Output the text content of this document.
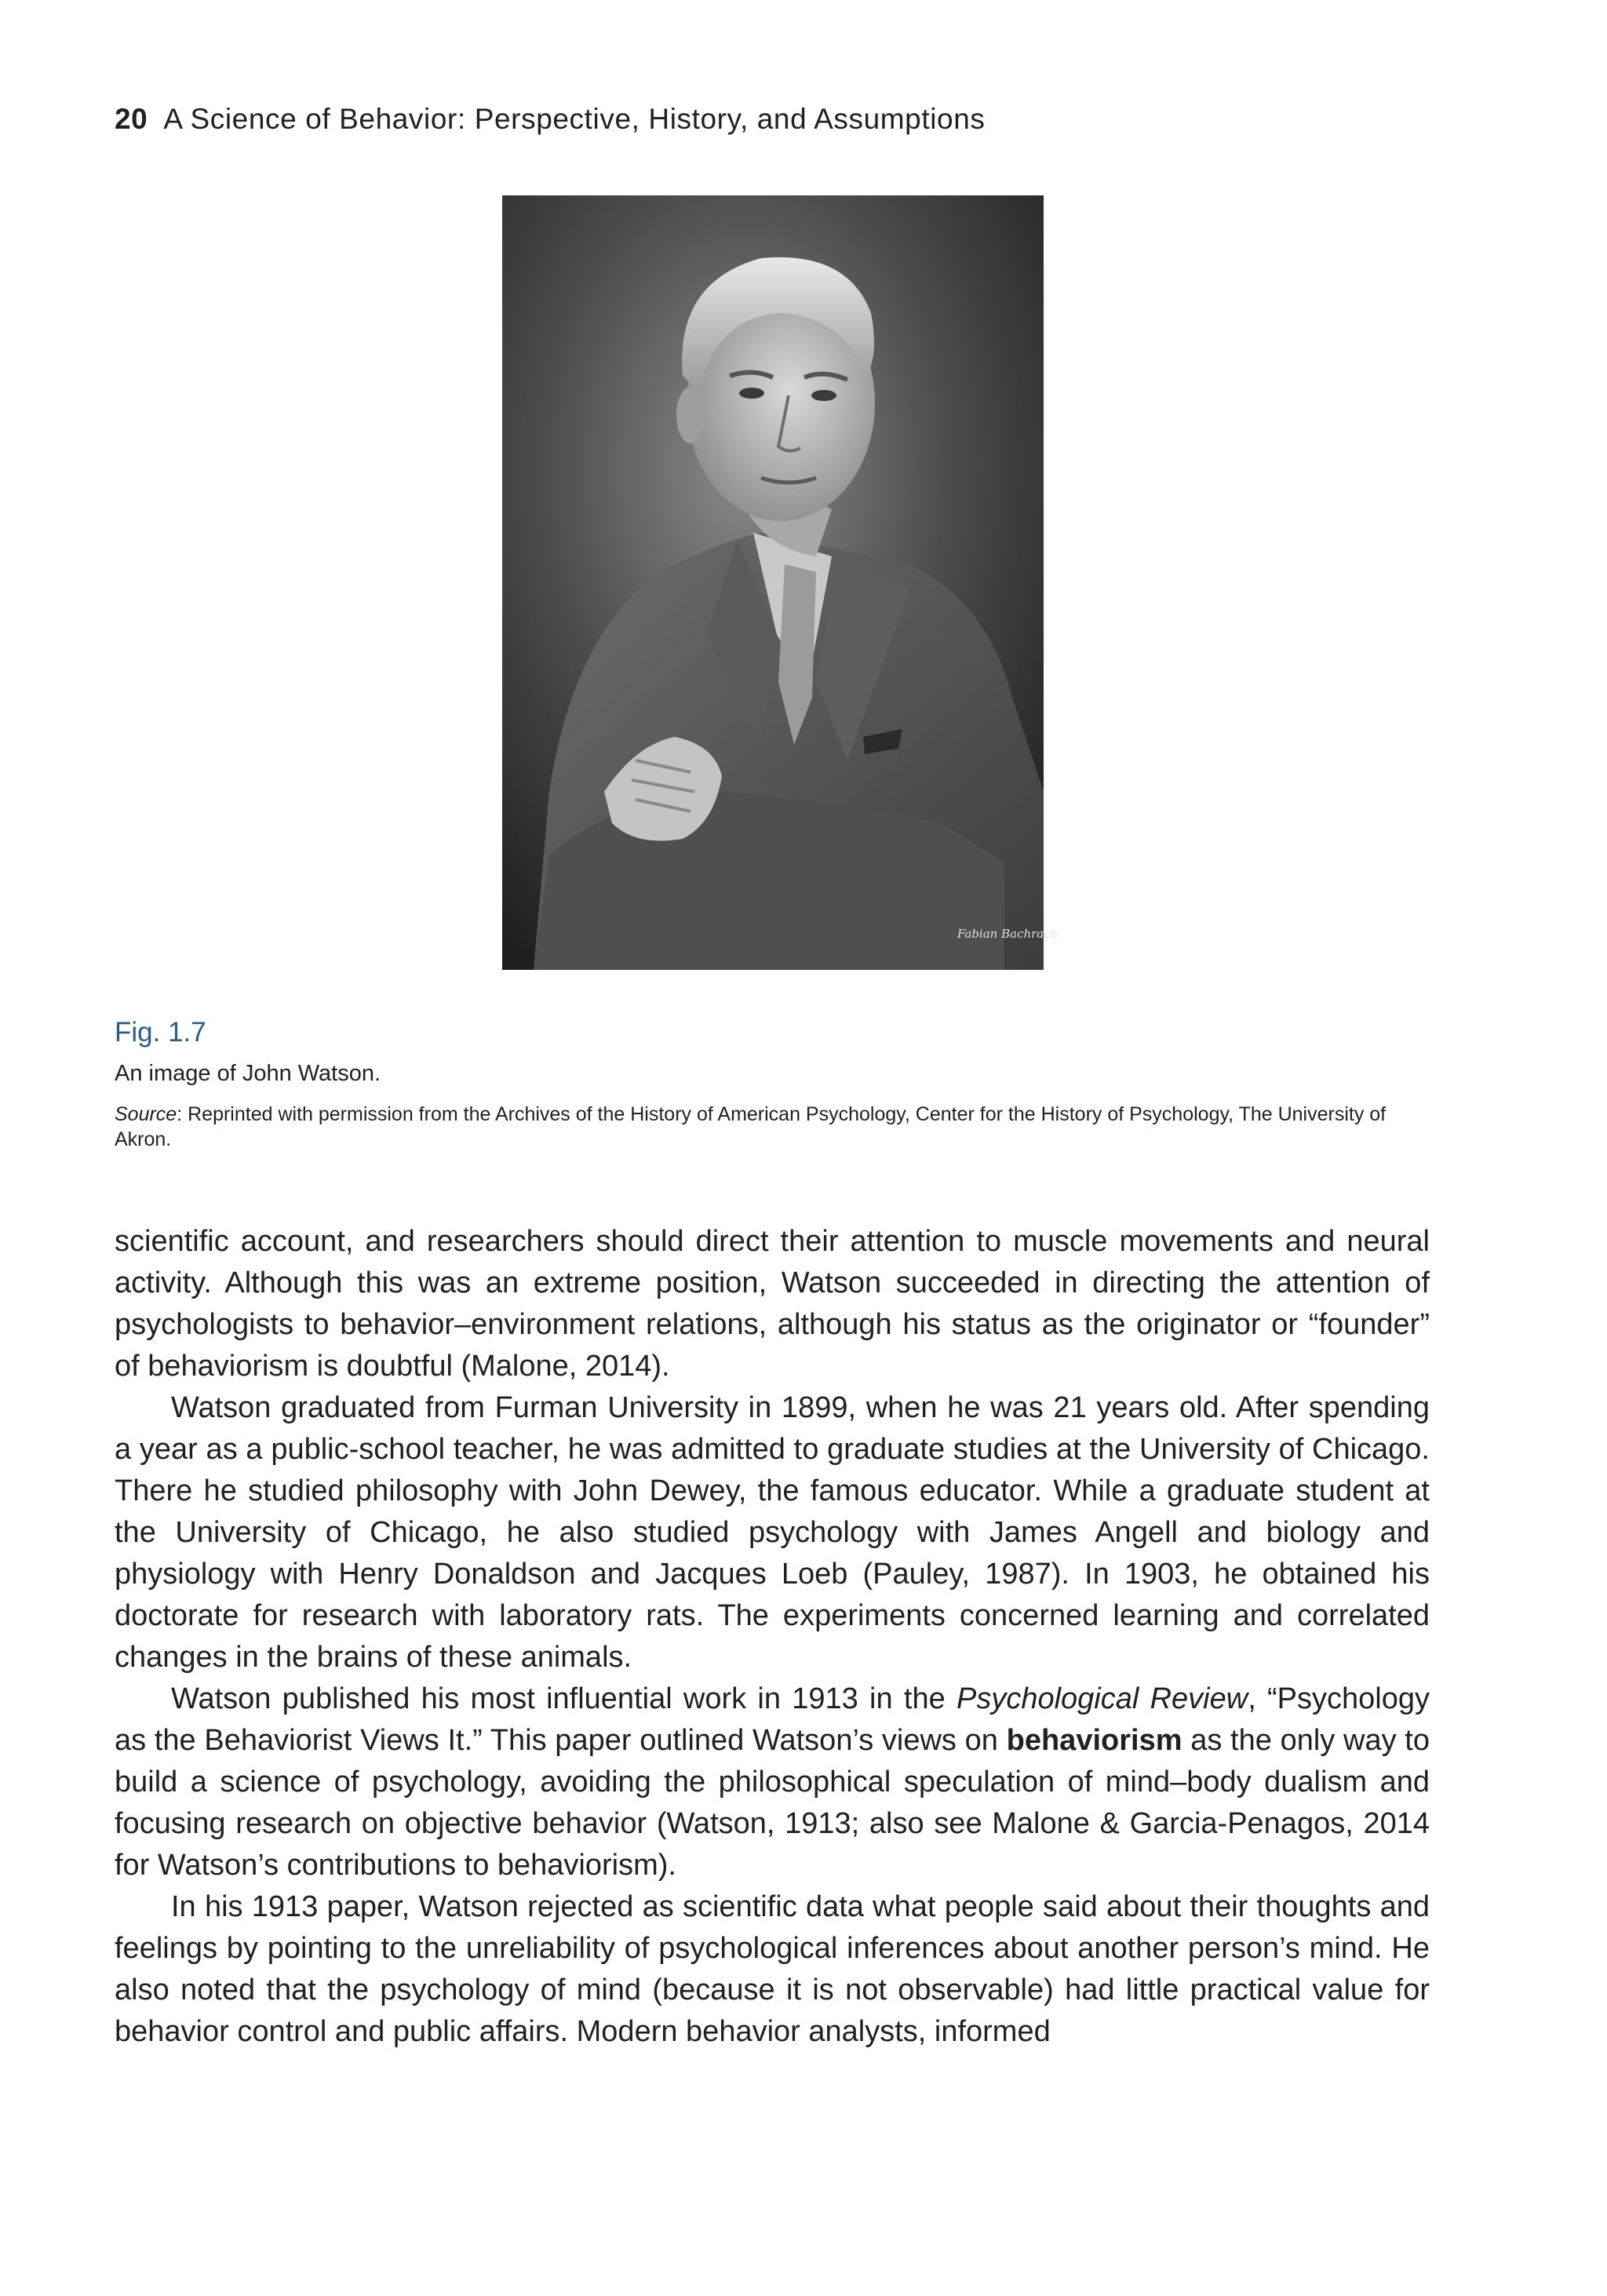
20 A Science of Behavior: Perspective, History, and Assumptions
Fabian Bachrach
Fig. 1.7
An image of John Watson.
Source: Reprinted with permission from the Archives of the History of American Psychology, Center for the History of Psychology, The University of Akron.

scientific account, and researchers should direct their attention to muscle movements and neural activity. Although this was an extreme position, Watson succeeded in directing the attention of psychologists to behavior–environment relations, although his status as the originator or “founder” of behaviorism is doubtful (Malone, 2014).

Watson graduated from Furman University in 1899, when he was 21 years old. After spending a year as a public-school teacher, he was admitted to graduate studies at the University of Chicago. There he studied philosophy with John Dewey, the famous educator. While a graduate student at the University of Chicago, he also studied psychology with James Angell and biology and physiology with Henry Donaldson and Jacques Loeb (Pauley, 1987). In 1903, he obtained his doctorate for research with laboratory rats. The experiments concerned learning and correlated changes in the brains of these animals.

Watson published his most influential work in 1913 in the Psychological Review, “Psychology as the Behaviorist Views It.” This paper outlined Watson’s views on behaviorism as the only way to build a science of psychology, avoiding the philosophical speculation of mind–body dualism and focusing research on objective behavior (Watson, 1913; also see Malone & Garcia-Penagos, 2014 for Watson’s contributions to behaviorism).

In his 1913 paper, Watson rejected as scientific data what people said about their thoughts and feelings by pointing to the unreliability of psychological inferences about another person’s mind. He also noted that the psychology of mind (because it is not observable) had little practical value for behavior control and public affairs. Modern behavior analysts, informed
